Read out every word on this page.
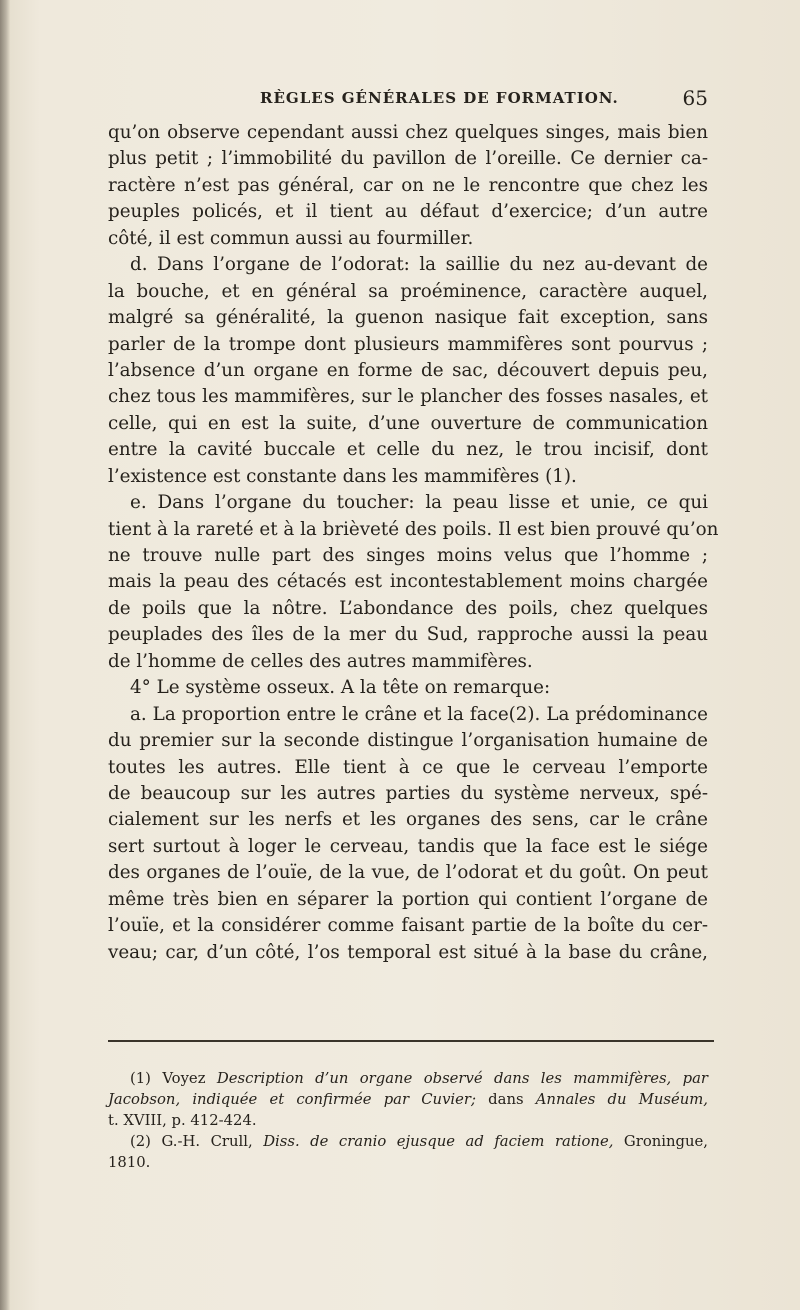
RÈGLES GÉNÉRALES DE FORMATION.	65
qu’on observe cependant aussi chez quelques singes, mais bien
plus petit ; l’immobilité du pavillon de l’oreille. Ce dernier ca-
ractère n’est pas général, car on ne le rencontre que chez les
peuples policés, et il tient au défaut d’exercice; d’un autre
côté, il est commun aussi au fourmiller.
d. Dans l’organe de l’odorat: la saillie du nez au-devant de
la bouche, et en général sa proéminence, caractère auquel,
malgré sa généralité, la guenon nasique fait exception, sans
parler de la trompe dont plusieurs mammifères sont pourvus ;
l’absence d’un organe en forme de sac, découvert depuis peu,
chez tous les mammifères, sur le plancher des fosses nasales, et
celle, qui en est la suite, d’une ouverture de communication
entre la cavité buccale et celle du nez, le trou incisif, dont
l’existence est constante dans les mammifères (1).
e. Dans l’organe du toucher: la peau lisse et unie, ce qui
tient à la rareté et à la brièveté des poils. Il est bien prouvé qu’on
ne trouve nulle part des singes moins velus que l’homme ;
mais la peau des cétacés est incontestablement moins chargée
de poils que la nôtre. L’abondance des poils, chez quelques
peuplades des îles de la mer du Sud, rapproche aussi la peau
de l’homme de celles des autres mammifères.
4° Le système osseux. A la tête on remarque:
a. La proportion entre le crâne et la face(2). La prédominance
du premier sur la seconde distingue l’organisation humaine de
toutes les autres. Elle tient à ce que le cerveau l’emporte
de beaucoup sur les autres parties du système nerveux, spé-
cialement sur les nerfs et les organes des sens, car le crâne
sert surtout à loger le cerveau, tandis que la face est le siége
des organes de l’ouïe, de la vue, de l’odorat et du goût. On peut
même très bien en séparer la portion qui contient l’organe de
l’ouïe, et la considérer comme faisant partie de la boîte du cer-
veau; car, d’un côté, l’os temporal est situé à la base du crâne,
(1) Voyez Description d’un organe observé dans les mammifères, par
Jacobson, indiquée et confirmée par Cuvier; dans Annales du Muséum,
t. XVIII, p. 412-424.
(2) G.-H. Crull, Diss. de cranio ejusque ad faciem ratione, Groningue,
1810.
